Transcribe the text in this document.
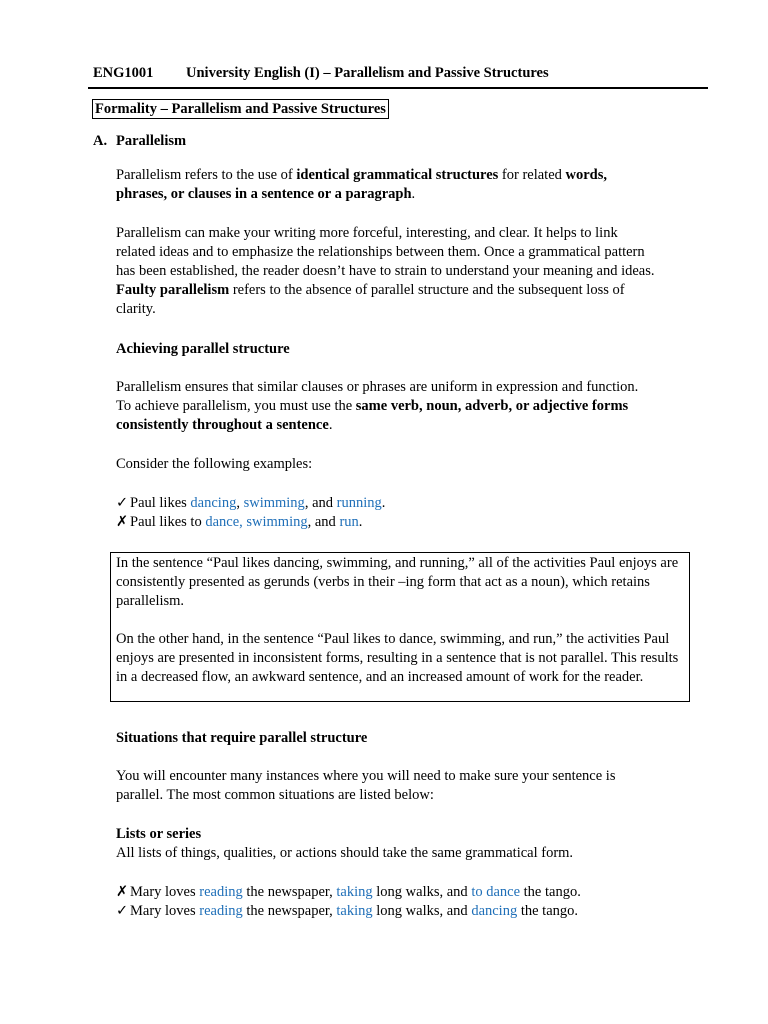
ENG1001 University English (I) – Parallelism and Passive Structures
Formality – Parallelism and Passive Structures
A. Parallelism

Parallelism refers to the use of identical grammatical structures for related words, phrases, or clauses in a sentence or a paragraph.

Parallelism can make your writing more forceful, interesting, and clear. It helps to link related ideas and to emphasize the relationships between them. Once a grammatical pattern has been established, the reader doesn’t have to strain to understand your meaning and ideas. Faulty parallelism refers to the absence of parallel structure and the subsequent loss of clarity.

Achieving parallel structure

Parallelism ensures that similar clauses or phrases are uniform in expression and function. To achieve parallelism, you must use the same verb, noun, adverb, or adjective forms consistently throughout a sentence.

Consider the following examples:
✓ Paul likes dancing, swimming, and running.
✗ Paul likes to dance, swimming, and run.

In the sentence “Paul likes dancing, swimming, and running,” all of the activities Paul enjoys are consistently presented as gerunds (verbs in their –ing form that act as a noun), which retains parallelism.

On the other hand, in the sentence “Paul likes to dance, swimming, and run,” the activities Paul enjoys are presented in inconsistent forms, resulting in a sentence that is not parallel. This results in a decreased flow, an awkward sentence, and an increased amount of work for the reader.

Situations that require parallel structure
You will encounter many instances where you will need to make sure your sentence is parallel. The most common situations are listed below:
Lists or series
All lists of things, qualities, or actions should take the same grammatical form.
✗ Mary loves reading the newspaper, taking long walks, and to dance the tango.
✓ Mary loves reading the newspaper, taking long walks, and dancing the tango.
